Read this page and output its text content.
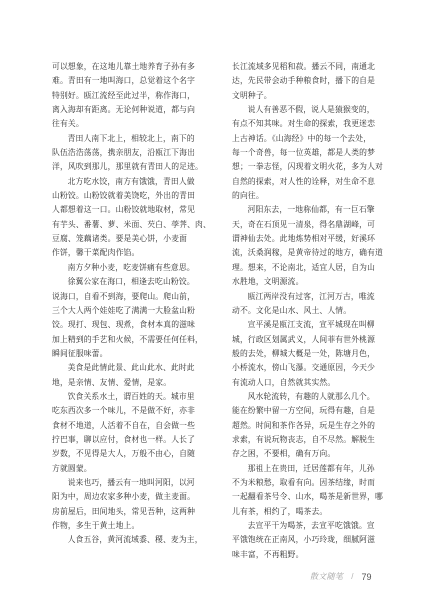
可以想象，在这地儿靠土地养育子孙有多
难。青田有一地叫海口，总觉着这个名字
特别好。瓯江流经至此过半，称作海口，
离入海却有距离。无论何种说道，都与向
往有关。

青田人南下北上，相较北上，南下的
队伍浩浩荡荡，携亲朋友，沿瓯江下海出
洋，风吹到那儿，那里就有青田人的足迹。

北方吃水饺，南方有饿饿，青田人做
山粉饺。山粉饺就着美饶吃，外出的青田
人都想着这一口。山粉饺就地取材，常见
有芋头、番薯、萝、米面、芡白、荸荠、肉、
豆腐、笼藕诸类。要是美心饼，小麦面
作饼，馨干菜配肉作馅。

南方夕种小麦，吃麦饼痛有些意思。

徐翼公家在海口，相逢去吃山粉饺。
说海口，自看不到海，要爬山。爬山前，
三个大人两个娃娃吃了满满一大脸盆山粉
饺。现打、现包、现煮，食材本真的滋味
加上精到的手艺和火候，不需要任何任料，
瞬间征服味蕾。

美食是此情此景、此山此水、此时此
地，是亲情、友情、爱情，是家。

饮食关系水土，谓百姓的天。城市里
吃东西次多一个味儿，不是做不好，亦非
食材不地道，人活着不自在，自会做一些
拧巴事，聊以应付，食材也一样。人长了
岁数，不见得是大人，万般不由心，自随
方就圆蒙。

说来也巧，播云有一地叫河阳，以河
阳为中，周边农家多种小麦，做主麦面。
房前屋后，田间地头，常见吾种，这两种
作物，多生于黄土地上。

人食五谷，黄河流域黍、稷、麦为主，

长江流域多见稻和菽。播云不同，南通北
达，先民带会动手种粮食时，播下的自是
文明种子。

说人有善恶不假，说人是猿猴变的，
有点不知其味。对生命的探索，我更迷恋
上古神话。《山海经》中的每一个去处，
每一个奇兽，每一位英雄，都是人类的梦
想；一拳志怪，闪现着文明火花，多为人对
自然的探索，对人性的诠释，对生命不息
的向往。

河阳东去，一地称仙都，有一巨石擎
天，奇在石顶见一清泉，得名鼎湖峰，可
谓神仙去处。此地炼势相对平缓，好溪环
流，沃桑润稼，是黄帝待过的地方，确有道
理。想来，不论南北，适宜人居，自为山
水胜地，文明源流。

瓯江两岸没有过客，江河万古，唯流
动不。文化是山水、风土、人情。

宣平溪是瓯江支流，宣平城现在叫柳
城，行政区划属武义，人间菲有世外桃源
般的去处，柳城大概是一处，陈塘月色，
小桥流水，傍山飞瀑。交通原因，今天少
有流动人口，自然就其实然。

风水轮流转，有趣的人就那么几个。
能在纷繁中留一方空间，玩得有趣，自是
超然。时间和茶作各异，玩是生存之外的
求索，有说玩物丧志，自不尽然。解脱生
存之困，不要相，确有万向。

那祖上在贵田，迁居莲都有年，儿孙
不为米粮愁，取看有向。因茶结缘，时而
一起翻看茶号令、山水，喝茶是新世界，哪
儿有茶，相约了，喝茶去。

去宣平干为喝茶，去宣平吃饿饿。宣
平饿饱统在正南风，小巧玲珑，细腻阿滋
味丰富，不再粗野。

散文随笔 / 79
